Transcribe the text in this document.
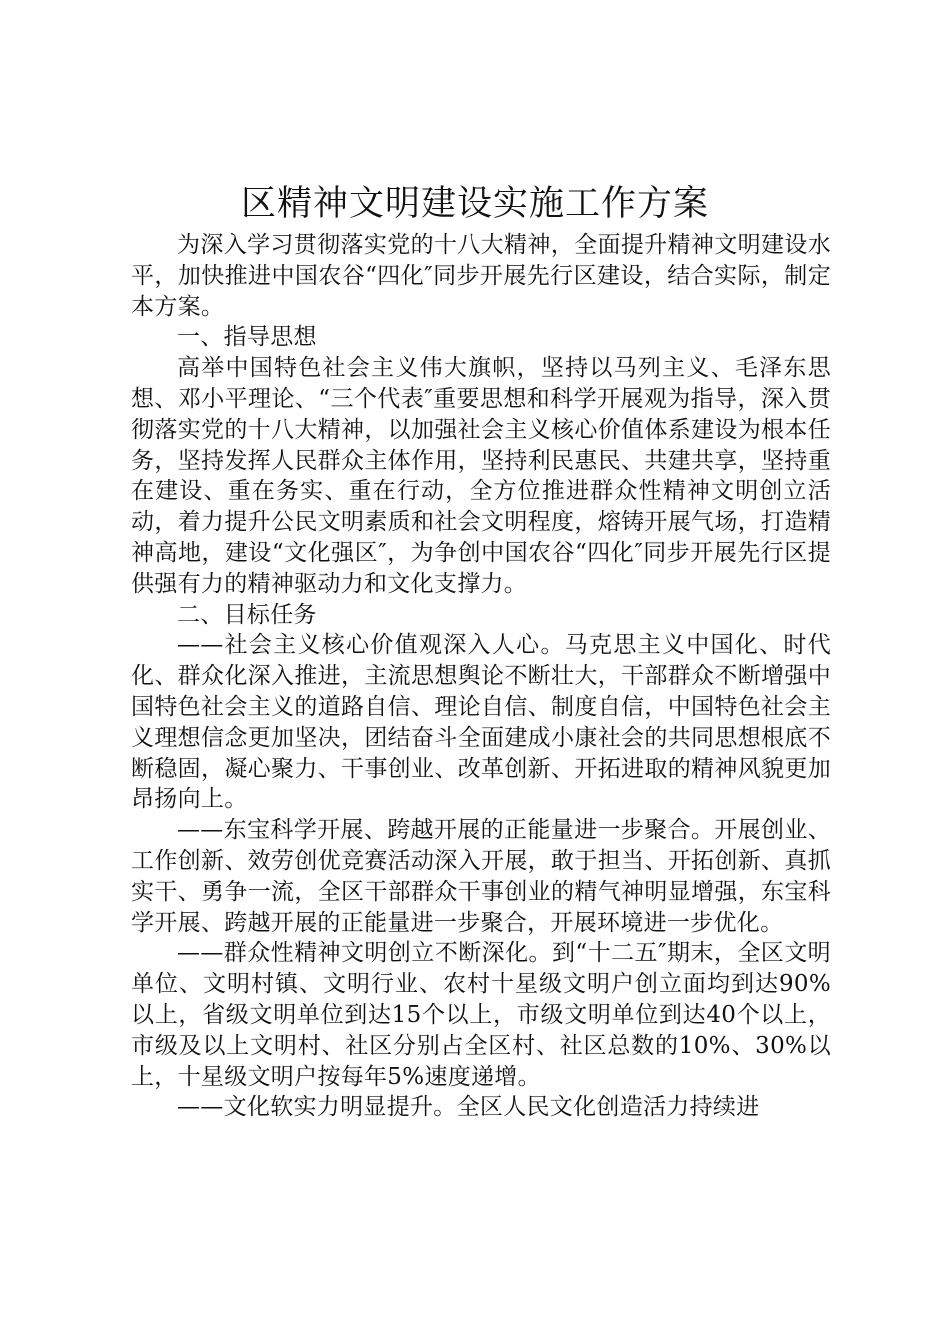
区精神文明建设实施工作方案

为深入学习贯彻落实党的十八大精神，全面提升精神文明建设水平，加快推进中国农谷“四化″同步开展先行区建设，结合实际，制定本方案。

一、指导思想

高举中国特色社会主义伟大旗帜，坚持以马列主义、毛泽东思想、邓小平理论、“三个代表″重要思想和科学开展观为指导，深入贯彻落实党的十八大精神，以加强社会主义核心价值体系建设为根本任务，坚持发挥人民群众主体作用，坚持利民惠民、共建共享，坚持重在建设、重在务实、重在行动，全方位推进群众性精神文明创立活动，着力提升公民文明素质和社会文明程度，熔铸开展气场，打造精神高地，建设“文化强区″，为争创中国农谷“四化″同步开展先行区提供强有力的精神驱动力和文化支撑力。

二、目标任务

——社会主义核心价值观深入人心。马克思主义中国化、时代化、群众化深入推进，主流思想舆论不断壮大，干部群众不断增强中国特色社会主义的道路自信、理论自信、制度自信，中国特色社会主义理想信念更加坚决，团结奋斗全面建成小康社会的共同思想根底不断稳固，凝心聚力、干事创业、改革创新、开拓进取的精神风貌更加昂扬向上。

——东宝科学开展、跨越开展的正能量进一步聚合。开展创业、工作创新、效劳创优竞赛活动深入开展，敢于担当、开拓创新、真抓实干、勇争一流，全区干部群众干事创业的精气神明显增强，东宝科学开展、跨越开展的正能量进一步聚合，开展环境进一步优化。

——群众性精神文明创立不断深化。到“十二五″期末，全区文明单位、文明村镇、文明行业、农村十星级文明户创立面均到达90%以上，省级文明单位到达15个以上，市级文明单位到达40个以上，市级及以上文明村、社区分别占全区村、社区总数的10%、30%以上，十星级文明户按每年5%速度递增。

——文化软实力明显提升。全区人民文化创造活力持续进
